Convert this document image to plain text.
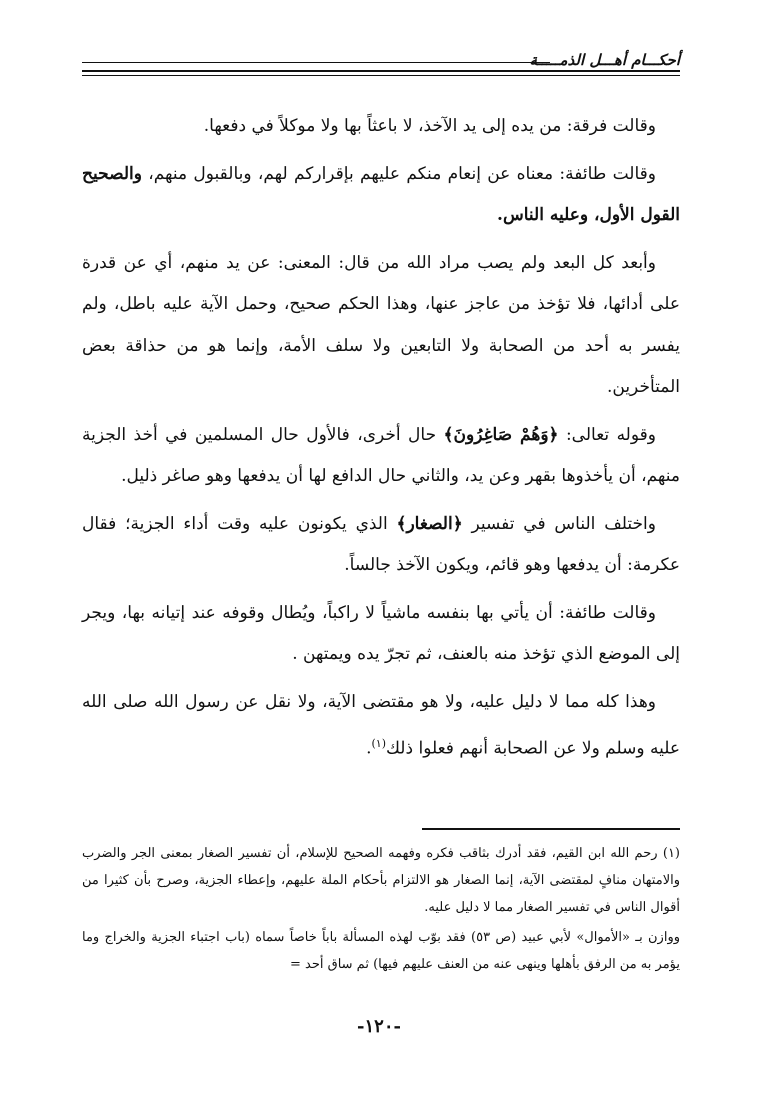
أحكـــام أهـــل الذمـــــة

وقالت فرقة: من يده إلى يد الآخذ، لا باعثاً بها ولا موكلاً في دفعها.

وقالت طائفة: معناه عن إنعام منكم عليهم بإقراركم لهم، وبالقبول منهم، والصحيح القول الأول، وعليه الناس.

وأبعد كل البعد ولم يصب مراد الله من قال: المعنى: عن يد منهم، أي عن قدرة على أدائها، فلا تؤخذ من عاجز عنها، وهذا الحكم صحيح، وحمل الآية عليه باطل، ولم يفسر به أحد من الصحابة ولا التابعين ولا سلف الأمة، وإنما هو من حذاقة بعض المتأخرين.

وقوله تعالى: ﴿وَهُمْ صَاغِرُونَ﴾ حال أخرى، فالأول حال المسلمين في أخذ الجزية منهم، أن يأخذوها بقهر وعن يد، والثاني حال الدافع لها أن يدفعها وهو صاغر ذليل.

واختلف الناس في تفسير ﴿الصغار﴾ الذي يكونون عليه وقت أداء الجزية؛ فقال عكرمة: أن يدفعها وهو قائم، ويكون الآخذ جالساً.

وقالت طائفة: أن يأتي بها بنفسه ماشياً لا راكباً، ويُطال وقوفه عند إتيانه بها، ويجر إلى الموضع الذي تؤخذ منه بالعنف، ثم تجرّ يده ويمتهن .

وهذا كله مما لا دليل عليه، ولا هو مقتضى الآية، ولا نقل عن رسول الله صلى الله عليه وسلم ولا عن الصحابة أنهم فعلوا ذلك$^{(١)}$.

(١) رحم الله ابن القيم، فقد أدرك بثاقب فكره وفهمه الصحيح للإسلام، أن تفسير الصغار بمعنى الجر والضرب والامتهان منافٍ لمقتضى الآية، إنما الصغار هو الالتزام بأحكام الملة عليهم، وإعطاء الجزية، وصرح بأن كثيرا من أقوال الناس في تفسير الصغار مما لا دليل عليه.

ووازن بـ «الأموال» لأبي عبيد (ص ٥٣) فقد بوّب لهذه المسألة باباً خاصاً سماه (باب اجتباء الجزية والخراج وما يؤمر به من الرفق بأهلها وينهى عنه من العنف عليهم فيها) ثم ساق أحد =

-١٢٠-
